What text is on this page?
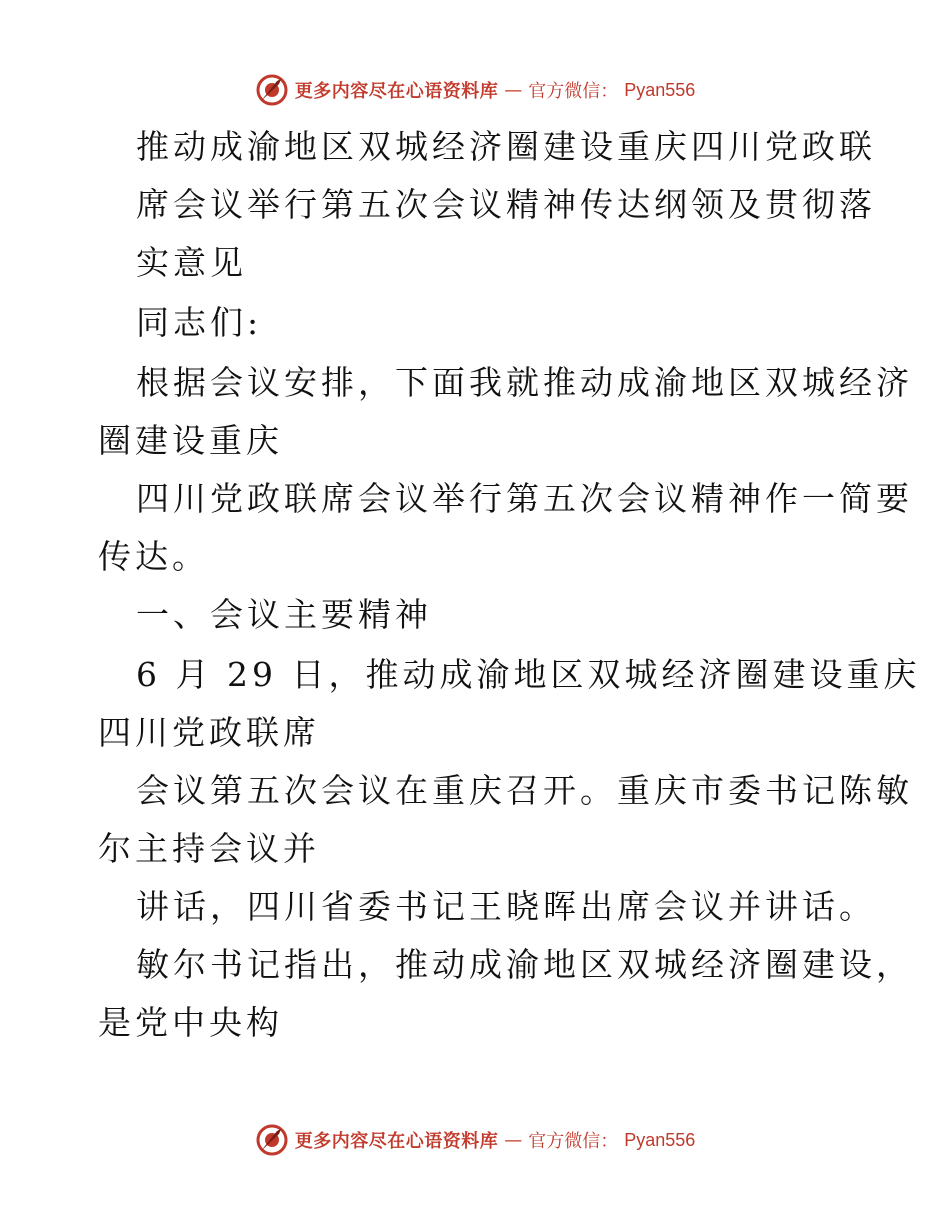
更多内容尽在心语资料库 — 官方微信： Pyan556
推动成渝地区双城经济圈建设重庆四川党政联
席会议举行第五次会议精神传达纲领及贯彻落
实意见
同志们:
根据会议安排，下面我就推动成渝地区双城经济
圈建设重庆
四川党政联席会议举行第五次会议精神作一简要
传达。
一、会议主要精神
6 月 29 日，推动成渝地区双城经济圈建设重庆
四川党政联席
会议第五次会议在重庆召开。重庆市委书记陈敏
尔主持会议并
讲话，四川省委书记王晓晖出席会议并讲话。
敏尔书记指出，推动成渝地区双城经济圈建设，
是党中央构
更多内容尽在心语资料库 — 官方微信： Pyan556
